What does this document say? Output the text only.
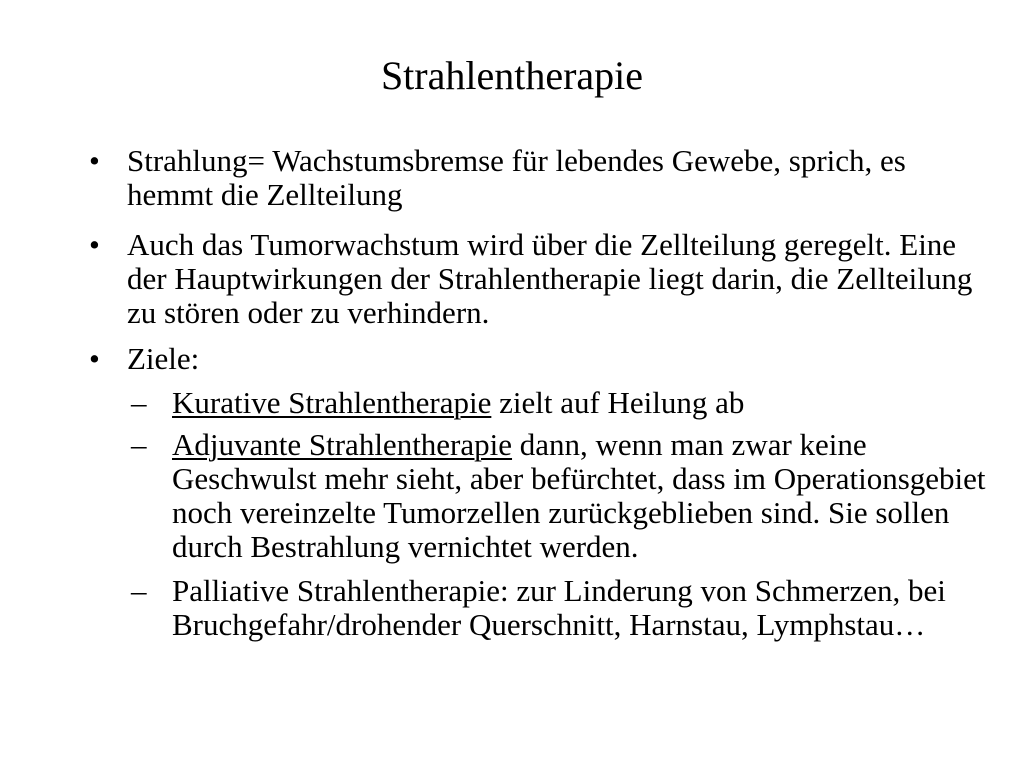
Strahlentherapie
• Strahlung= Wachstumsbremse für lebendes Gewebe, sprich, es hemmt die Zellteilung
• Auch das Tumorwachstum wird über die Zellteilung geregelt. Eine der Hauptwirkungen der Strahlentherapie liegt darin, die Zellteilung zu stören oder zu verhindern.
• Ziele:
– Kurative Strahlentherapie zielt auf Heilung ab
– Adjuvante Strahlentherapie dann, wenn man zwar keine Geschwulst mehr sieht, aber befürchtet, dass im Operationsgebiet noch vereinzelte Tumorzellen zurückgeblieben sind. Sie sollen durch Bestrahlung vernichtet werden.
– Palliative Strahlentherapie: zur Linderung von Schmerzen, bei Bruchgefahr/drohender Querschnitt, Harnstau, Lymphstau…
